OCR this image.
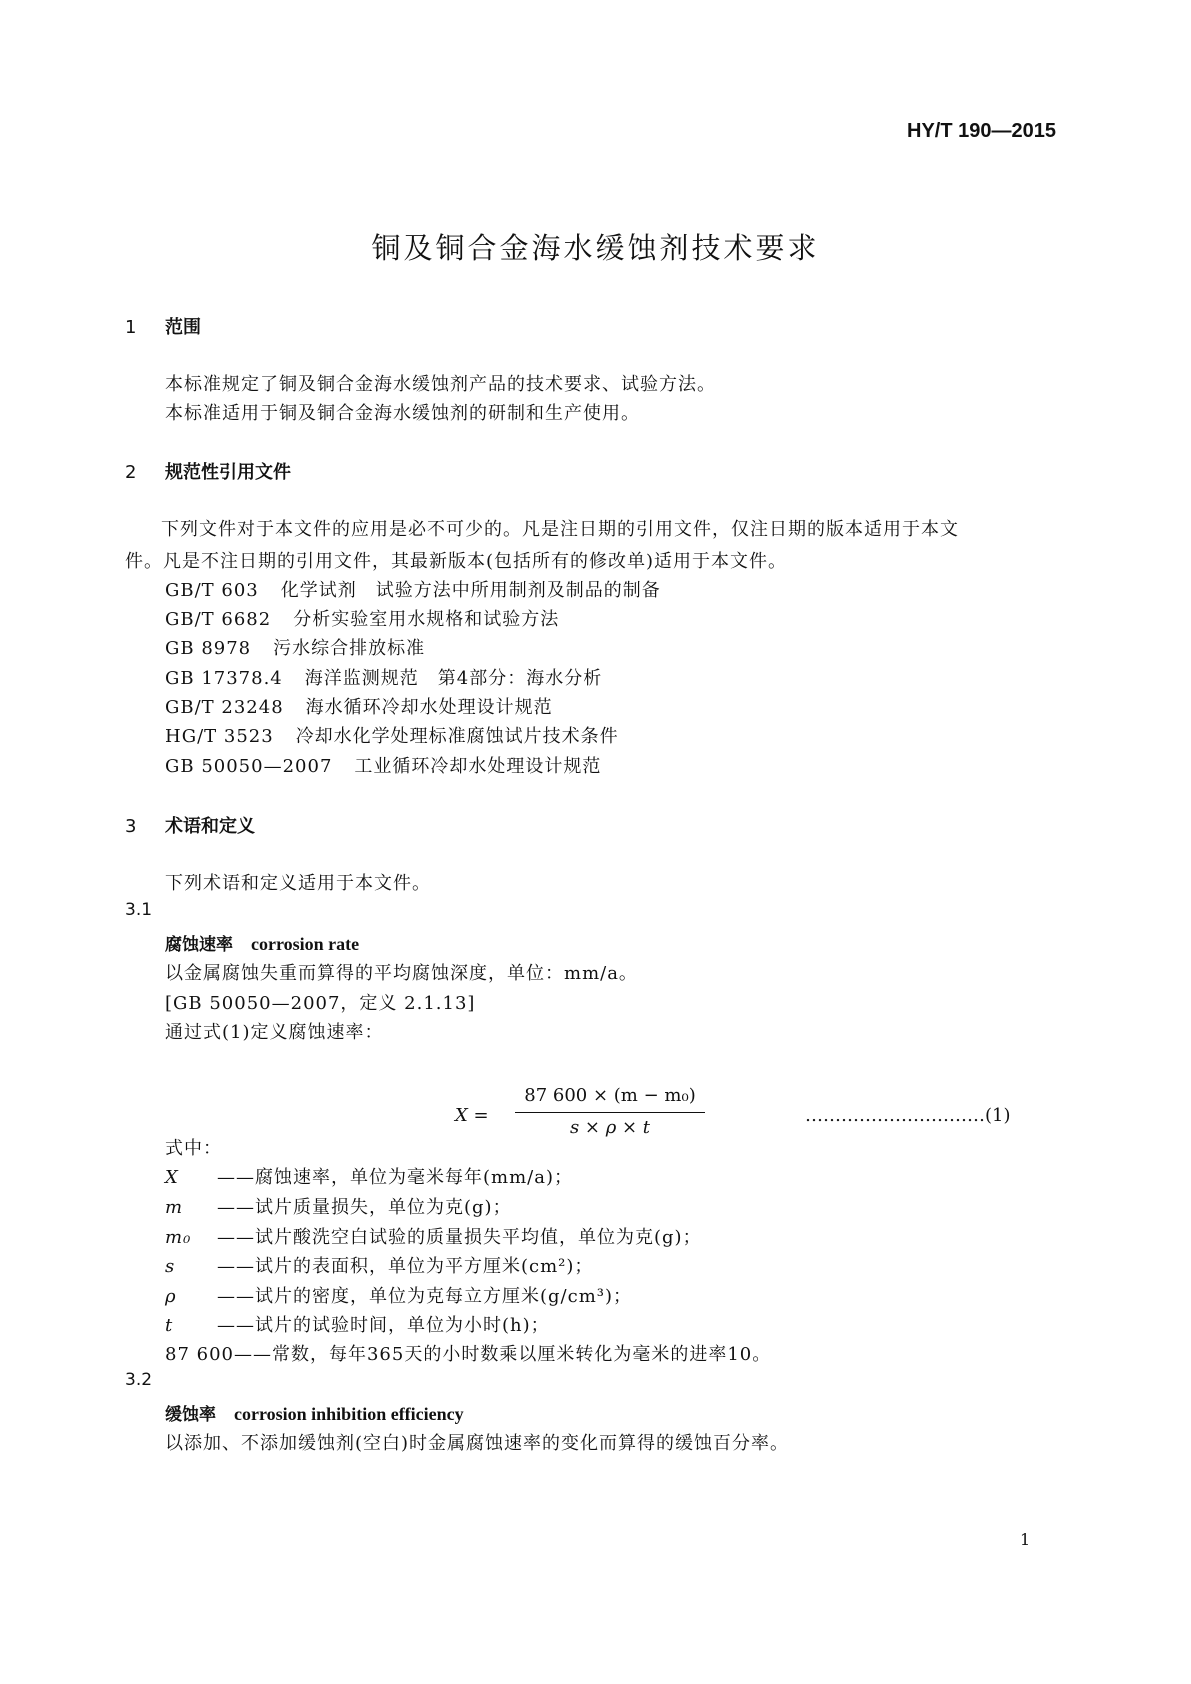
HY/T 190—2015
铜及铜合金海水缓蚀剂技术要求
1 范围
本标准规定了铜及铜合金海水缓蚀剂产品的技术要求、试验方法。
本标准适用于铜及铜合金海水缓蚀剂的研制和生产使用。
2 规范性引用文件
下列文件对于本文件的应用是必不可少的。凡是注日期的引用文件，仅注日期的版本适用于本文件。凡是不注日期的引用文件，其最新版本(包括所有的修改单)适用于本文件。
GB/T 603 化学试剂　试验方法中所用制剂及制品的制备
GB/T 6682 分析实验室用水规格和试验方法
GB 8978 污水综合排放标准
GB 17378.4 海洋监测规范　第4部分：海水分析
GB/T 23248 海水循环冷却水处理设计规范
HG/T 3523 冷却水化学处理标准腐蚀试片技术条件
GB 50050—2007 工业循环冷却水处理设计规范
3 术语和定义
下列术语和定义适用于本文件。
3.1
腐蚀速率 corrosion rate
以金属腐蚀失重而算得的平均腐蚀深度，单位：mm/a。
[GB 50050—2007，定义 2.1.13]
通过式(1)定义腐蚀速率：
X =
87 600 × (m − m₀)
s × ρ × t
…………………………(1)
式中：
X ——腐蚀速率，单位为毫米每年(mm/a)；
m ——试片质量损失，单位为克(g)；
m₀ ——试片酸洗空白试验的质量损失平均值，单位为克(g)；
s ——试片的表面积，单位为平方厘米(cm²)；
ρ ——试片的密度，单位为克每立方厘米(g/cm³)；
t ——试片的试验时间，单位为小时(h)；
87 600——常数，每年365天的小时数乘以厘米转化为毫米的进率10。
3.2
缓蚀率 corrosion inhibition efficiency
以添加、不添加缓蚀剂(空白)时金属腐蚀速率的变化而算得的缓蚀百分率。
1
